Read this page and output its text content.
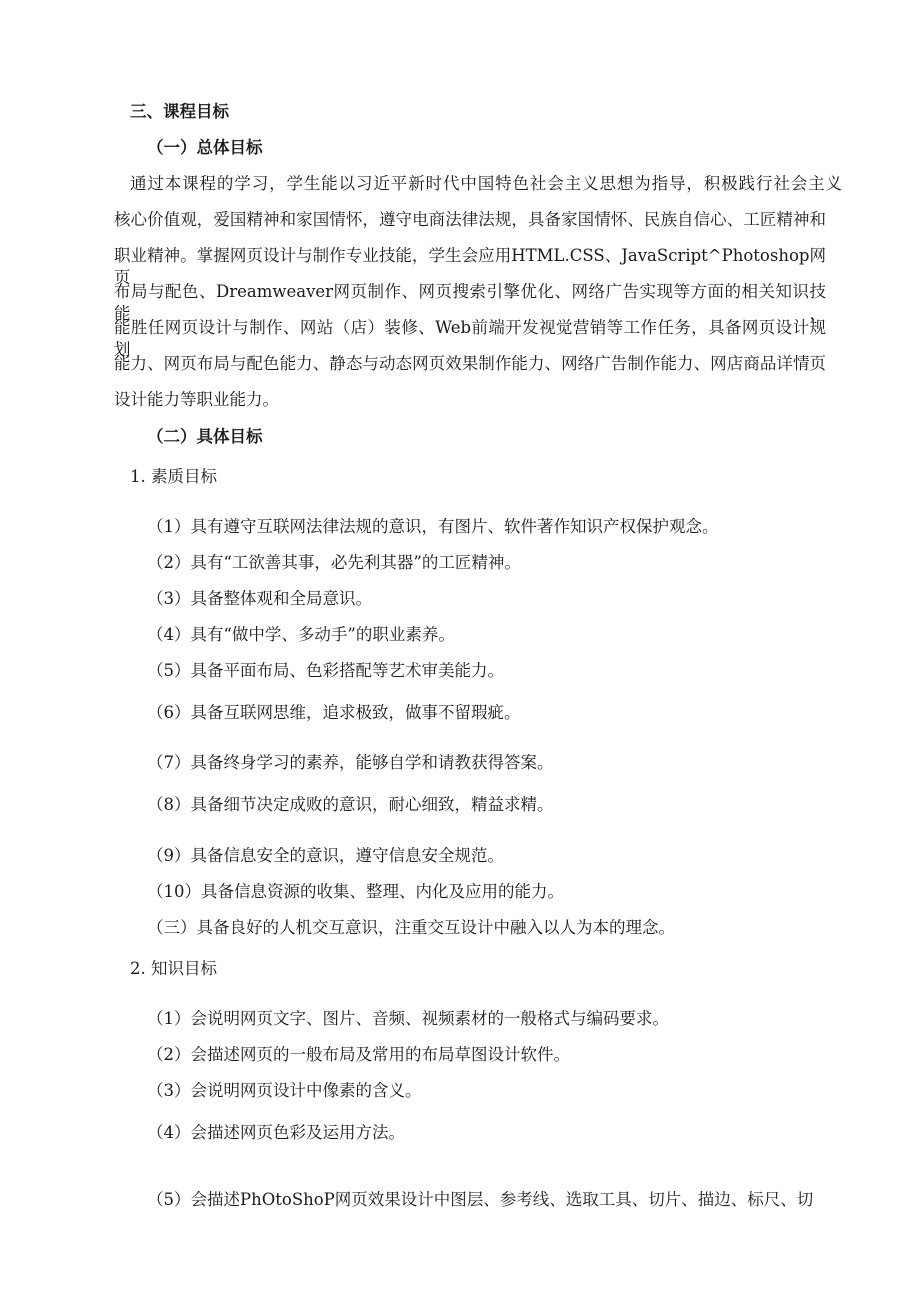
三、课程目标
（一）总体目标
通过本课程的学习，学生能以习近平新时代中国特色社会主义思想为指导，积极践行社会主义
核心价值观，爱国精神和家国情怀，遵守电商法律法规，具备家国情怀、民族自信心、工匠精神和
职业精神。掌握网页设计与制作专业技能，学生会应用HTML.CSS、JavaScript^Photoshop网页
布局与配色、Dreamweaver网页制作、网页搜索引擎优化、网络广告实现等方面的相关知识技能，
能胜任网页设计与制作、网站（店）装修、Web前端开发视觉营销等工作任务，具备网页设计规划
能力、网页布局与配色能力、静态与动态网页效果制作能力、网络广告制作能力、网店商品详情页
设计能力等职业能力。
（二）具体目标
1. 素质目标
（1）具有遵守互联网法律法规的意识，有图片、软件著作知识产权保护观念。
（2）具有“工欲善其事，必先利其器”的工匠精神。
（3）具备整体观和全局意识。
（4）具有“做中学、多动手”的职业素养。
（5）具备平面布局、色彩搭配等艺术审美能力。
（6）具备互联网思维，追求极致，做事不留瑕疵。
（7）具备终身学习的素养，能够自学和请教获得答案。
（8）具备细节决定成败的意识，耐心细致，精益求精。
（9）具备信息安全的意识，遵守信息安全规范。
（10）具备信息资源的收集、整理、内化及应用的能力。
（三）具备良好的人机交互意识，注重交互设计中融入以人为本的理念。
2. 知识目标
（1）会说明网页文字、图片、音频、视频素材的一般格式与编码要求。
（2）会描述网页的一般布局及常用的布局草图设计软件。
（3）会说明网页设计中像素的含义。
（4）会描述网页色彩及运用方法。
（5）会描述PhOtoShoP网页效果设计中图层、参考线、选取工具、切片、描边、标尺、切
